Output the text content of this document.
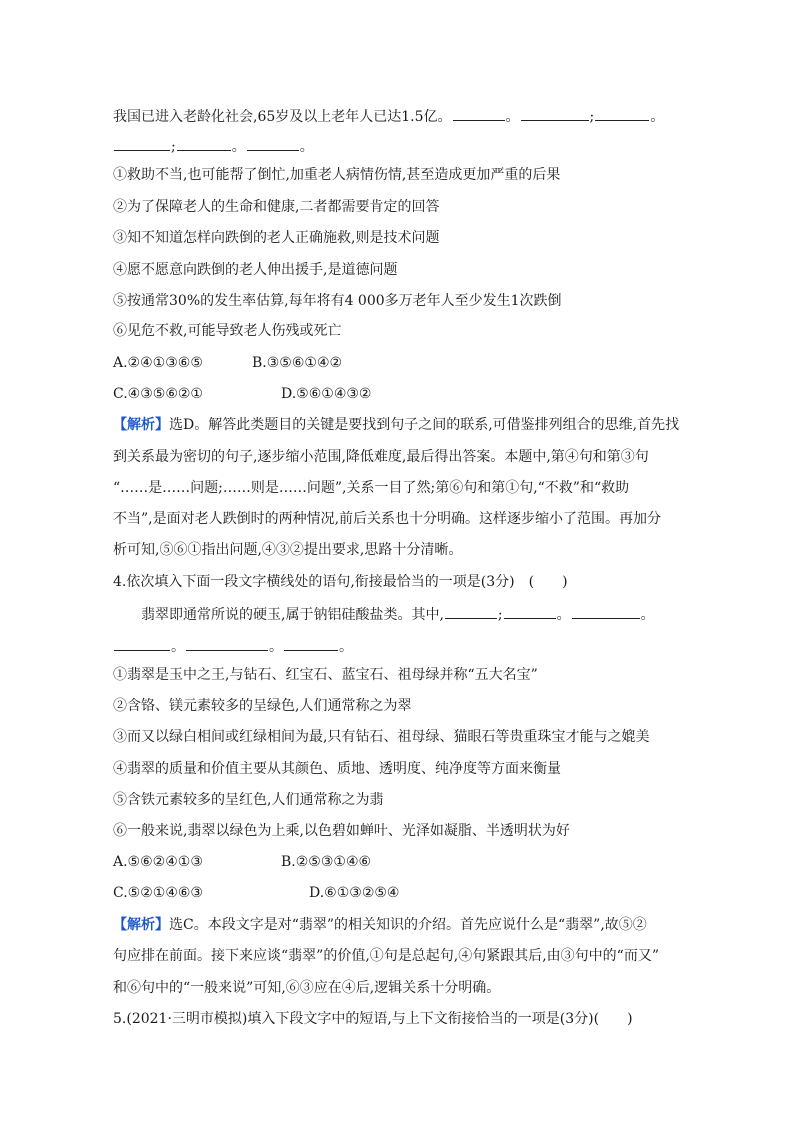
我国已进入老龄化社会,65岁及以上老年人已达1.5亿。	。	;	。
;	。	。
①救助不当,也可能帮了倒忙,加重老人病情伤情,甚至造成更加严重的后果
②为了保障老人的生命和健康,二者都需要肯定的回答
③知不知道怎样向跌倒的老人正确施救,则是技术问题
④愿不愿意向跌倒的老人伸出援手,是道德问题
⑤按通常30%的发生率估算,每年将有4 000多万老年人至少发生1次跌倒
⑥见危不救,可能导致老人伤残或死亡
A.②④①③⑥⑤	B.③⑤⑥①④②
C.④③⑤⑥②①	D.⑤⑥①④③②
【解析】选D。解答此类题目的关键是要找到句子之间的联系,可借鉴排列组合的思维,首先找
到关系最为密切的句子,逐步缩小范围,降低难度,最后得出答案。本题中,第④句和第③句
“……是……问题;……则是……问题”,关系一目了然;第⑥句和第①句,“不救”和“救助
不当”,是面对老人跌倒时的两种情况,前后关系也十分明确。这样逐步缩小了范围。再加分
析可知,⑤⑥①指出问题,④③②提出要求,思路十分清晰。
4.依次填入下面一段文字横线处的语句,衔接最恰当的一项是(3分)　(　　)
翡翠即通常所说的硬玉,属于钠铝硅酸盐类。其中,	;	。	。
。	。	。
①翡翠是玉中之王,与钻石、红宝石、蓝宝石、祖母绿并称“五大名宝”
②含铬、镁元素较多的呈绿色,人们通常称之为翠
③而又以绿白相间或红绿相间为最,只有钻石、祖母绿、猫眼石等贵重珠宝才能与之媲美
④翡翠的质量和价值主要从其颜色、质地、透明度、纯净度等方面来衡量
⑤含铁元素较多的呈红色,人们通常称之为翡
⑥一般来说,翡翠以绿色为上乘,以色碧如蝉叶、光泽如凝脂、半透明状为好
A.⑤⑥②④①③	B.②⑤③①④⑥
C.⑤②①④⑥③	D.⑥①③②⑤④
【解析】选C。本段文字是对“翡翠”的相关知识的介绍。首先应说什么是“翡翠”,故⑤②
句应排在前面。接下来应谈“翡翠”的价值,①句是总起句,④句紧跟其后,由③句中的“而又”
和⑥句中的“一般来说”可知,⑥③应在④后,逻辑关系十分明确。
5.(2021·三明市模拟)填入下段文字中的短语,与上下文衔接恰当的一项是(3分)(　　)
